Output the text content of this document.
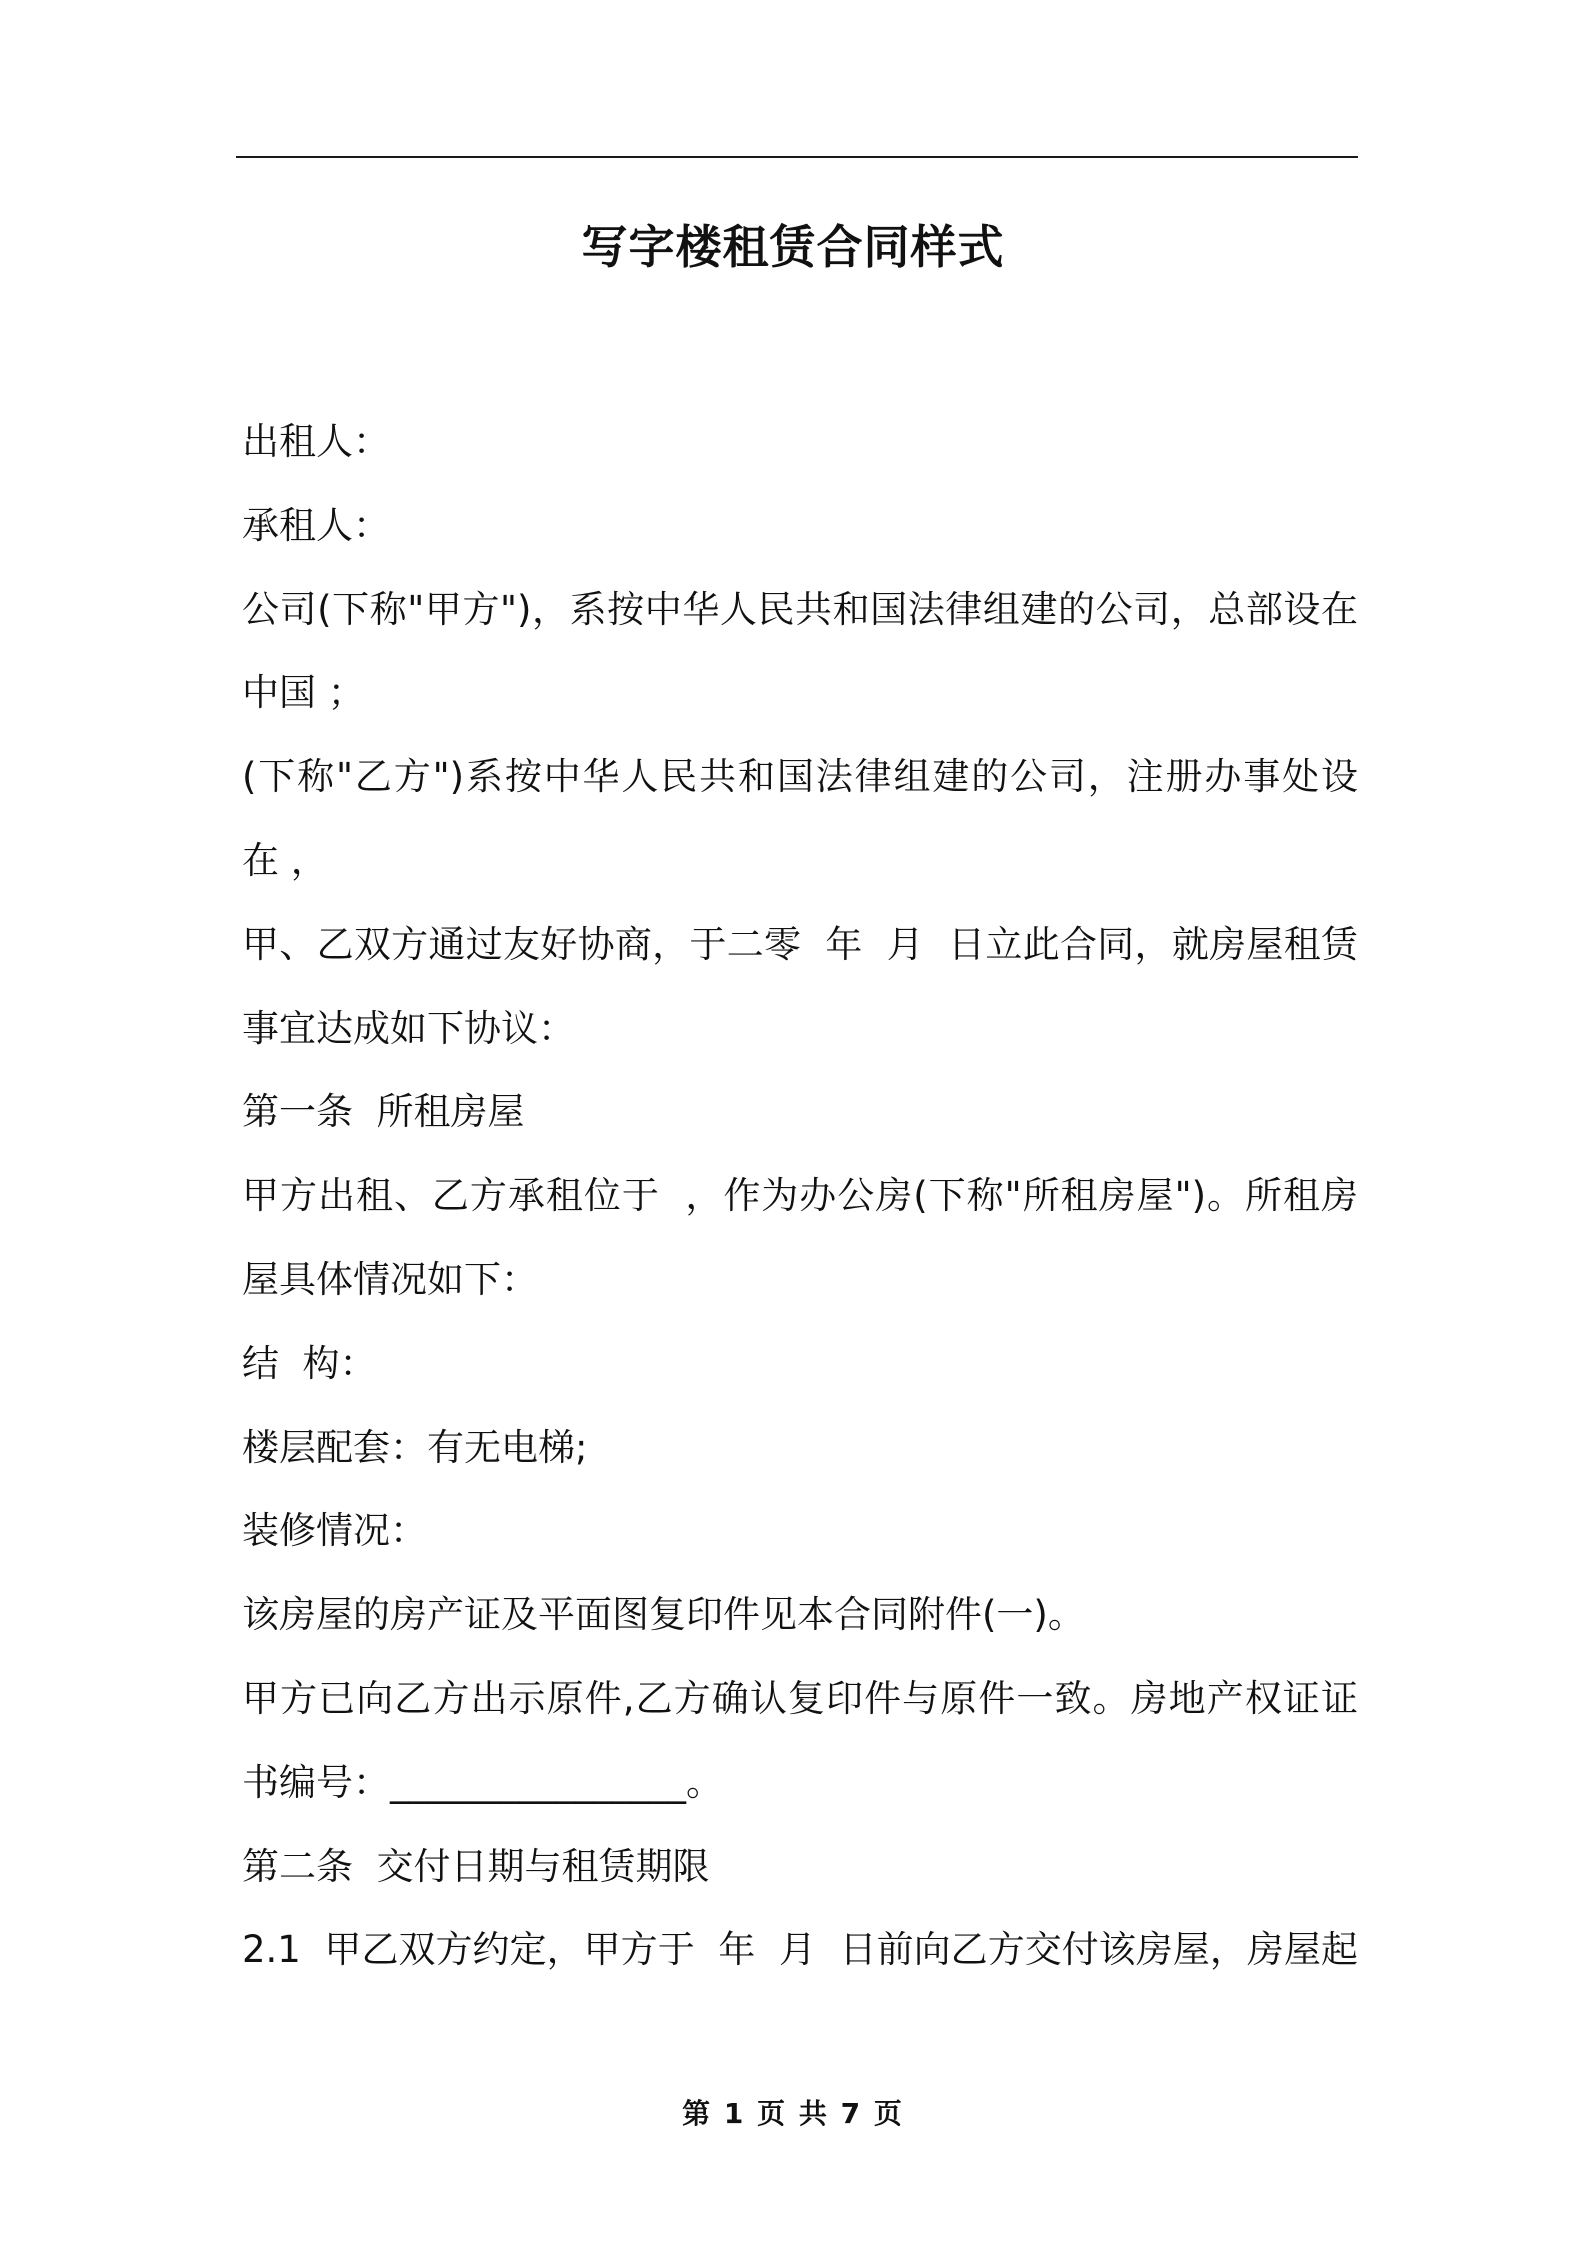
写字楼租赁合同样式
出租人：
承租人：
公司(下称"甲方")，系按中华人民共和国法律组建的公司，总部设在
中国 ；
(下称"乙方")系按中华人民共和国法律组建的公司，注册办事处设
在 ，
甲、乙双方通过友好协商，于二零  年  月  日立此合同，就房屋租赁
事宜达成如下协议：
第一条  所租房屋
甲方出租、乙方承租位于  ，作为办公房(下称"所租房屋")。所租房
屋具体情况如下：
结  构：
楼层配套：有无电梯;
装修情况：
该房屋的房产证及平面图复印件见本合同附件(一)。
甲方已向乙方出示原件,乙方确认复印件与原件一致。房地产权证证
书编号：________________。
第二条  交付日期与租赁期限
2.1  甲乙双方约定，甲方于  年  月  日前向乙方交付该房屋，房屋起
第 1 页 共 7 页
